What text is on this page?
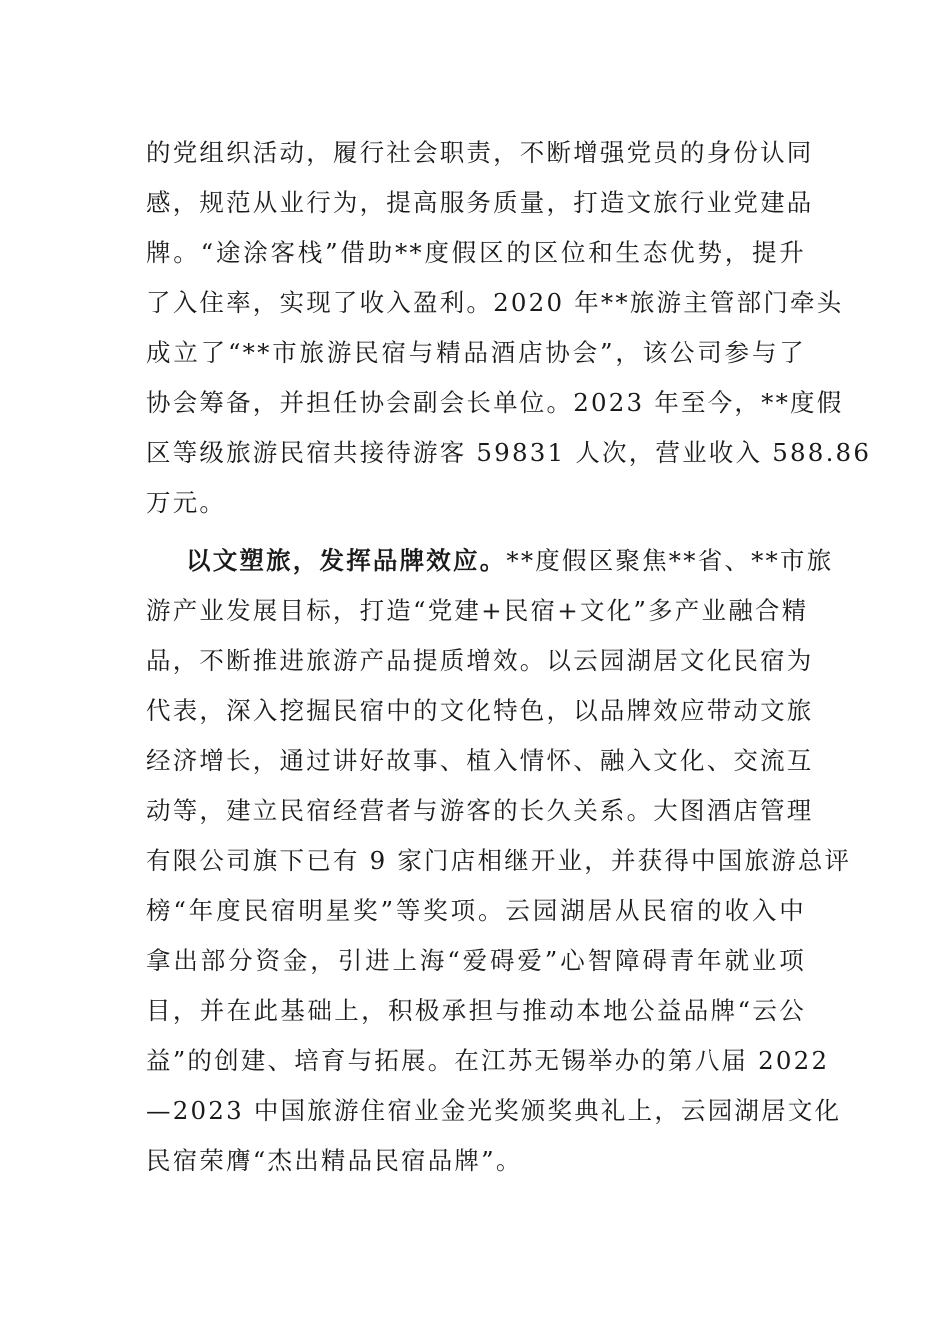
的党组织活动，履行社会职责，不断增强党员的身份认同
感，规范从业行为，提高服务质量，打造文旅行业党建品
牌。“途涂客栈”借助**度假区的区位和生态优势，提升
了入住率，实现了收入盈利。2020 年**旅游主管部门牵头
成立了“**市旅游民宿与精品酒店协会”，该公司参与了
协会筹备，并担任协会副会长单位。2023 年至今，**度假
区等级旅游民宿共接待游客 59831 人次，营业收入 588.86
万元。
以文塑旅，发挥品牌效应。**度假区聚焦**省、**市旅
游产业发展目标，打造“党建+民宿+文化”多产业融合精
品，不断推进旅游产品提质增效。以云园湖居文化民宿为
代表，深入挖掘民宿中的文化特色，以品牌效应带动文旅
经济增长，通过讲好故事、植入情怀、融入文化、交流互
动等，建立民宿经营者与游客的长久关系。大图酒店管理
有限公司旗下已有 9 家门店相继开业，并获得中国旅游总评
榜“年度民宿明星奖”等奖项。云园湖居从民宿的收入中
拿出部分资金，引进上海“爱碍爱”心智障碍青年就业项
目，并在此基础上，积极承担与推动本地公益品牌“云公
益”的创建、培育与拓展。在江苏无锡举办的第八届 2022
—2023 中国旅游住宿业金光奖颁奖典礼上，云园湖居文化
民宿荣膺“杰出精品民宿品牌”。
